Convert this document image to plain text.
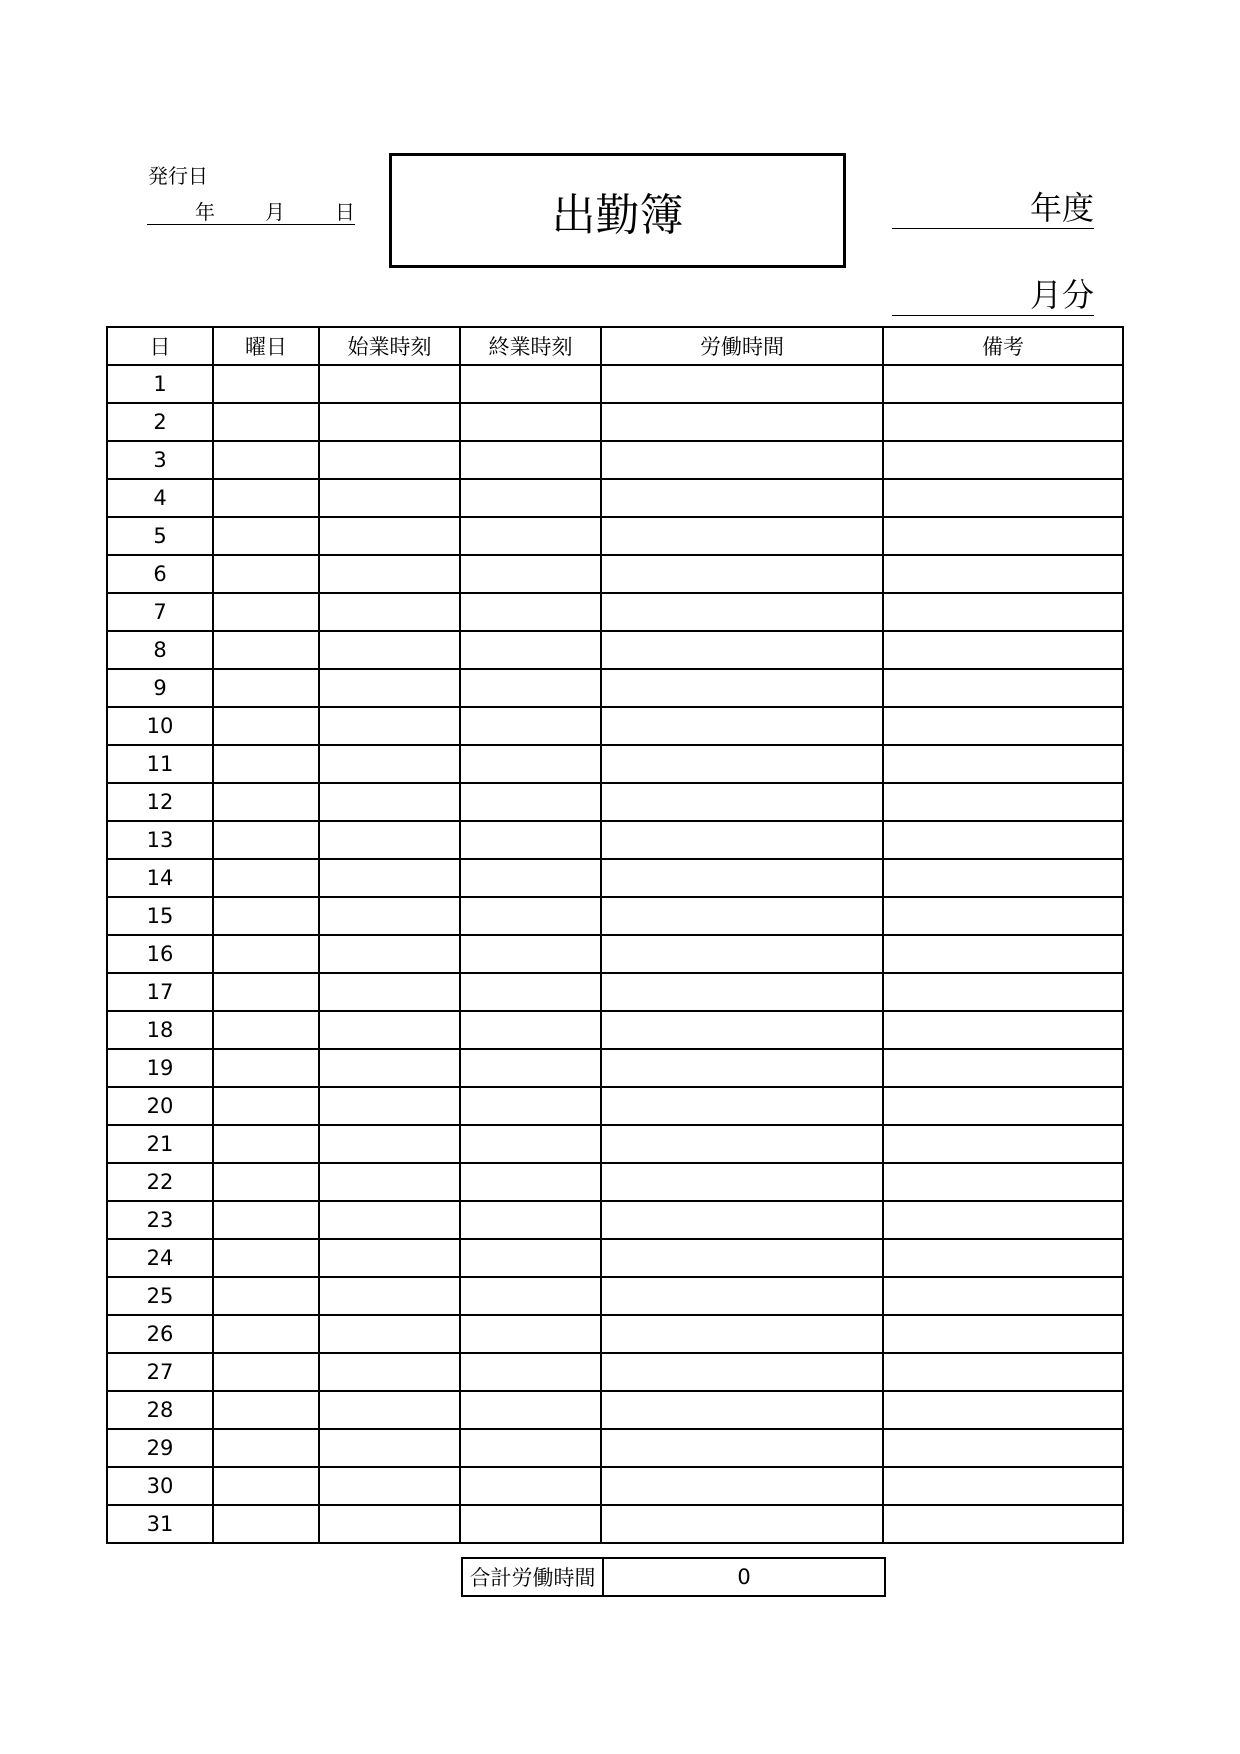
発行日
年	月	日	出勤簿	年度
月分
日	曜日	始業時刻	終業時刻	労働時間	備考
1					
2					
3					
4					
5					
6					
7					
8					
9					
10					
11					
12					
13					
14					
15					
16					
17					
18					
19					
20					
21					
22					
23					
24					
25					
26					
27					
28					
29					
30					
31					
合計労働時間	0
